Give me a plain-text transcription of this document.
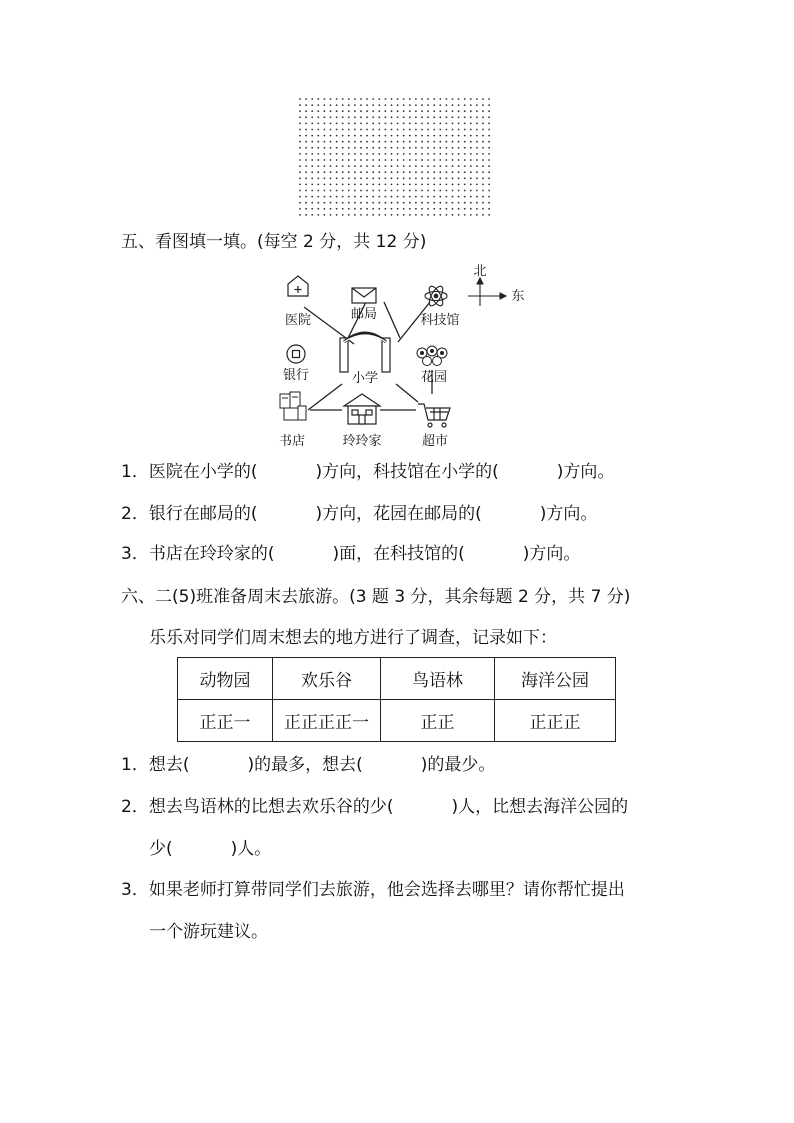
五、看图填一填。(每空 2 分，共 12 分)
小学
医院	邮局	科技馆
北
东
银行	花园
书店	玲玲家	超市
1．医院在小学的(	)方向，科技馆在小学的(	)方向。
2．银行在邮局的(	)方向，花园在邮局的(	)方向。
3．书店在玲玲家的(	)面，在科技馆的(	)方向。
六、二(5)班准备周末去旅游。(3 题 3 分，其余每题 2 分，共 7 分)
乐乐对同学们周末想去的地方进行了调查，记录如下：
动物园	欢乐谷	鸟语林	海洋公园
正正一	正正正正一	正正	正正正
1．想去(	)的最多，想去(	)的最少。
2．想去鸟语林的比想去欢乐谷的少(	)人，比想去海洋公园的
少(	)人。
3．如果老师打算带同学们去旅游，他会选择去哪里？请你帮忙提出
一个游玩建议。
